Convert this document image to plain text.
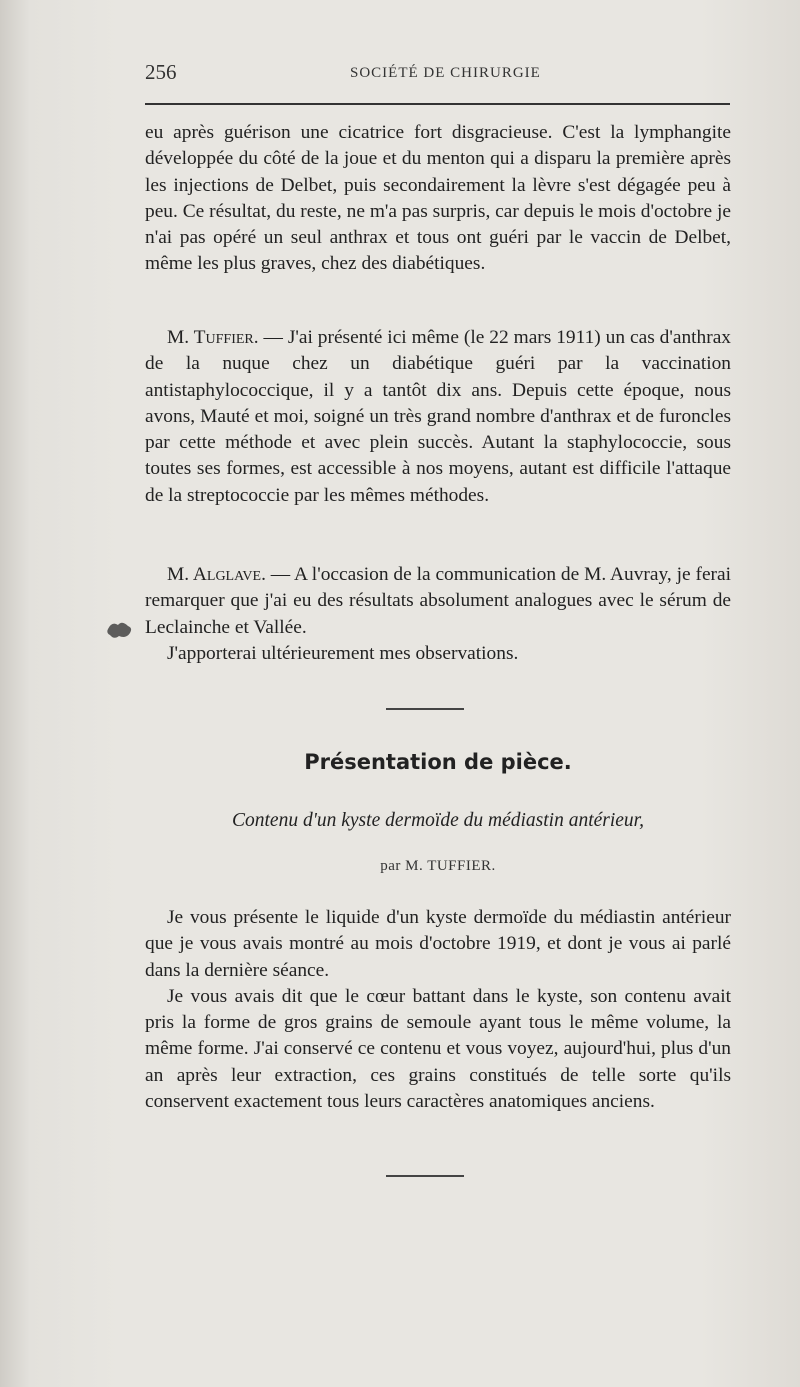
256	SOCIÉTÉ DE CHIRURGIE

eu après guérison une cicatrice fort disgracieuse. C'est la lymphangite développée du côté de la joue et du menton qui a disparu la première après les injections de Delbet, puis secondairement la lèvre s'est dégagée peu à peu. Ce résultat, du reste, ne m'a pas surpris, car depuis le mois d'octobre je n'ai pas opéré un seul anthrax et tous ont guéri par le vaccin de Delbet, même les plus graves, chez des diabétiques.

M. Tuffier. — J'ai présenté ici même (le 22 mars 1911) un cas d'anthrax de la nuque chez un diabétique guéri par la vaccination antistaphylococcique, il y a tantôt dix ans. Depuis cette époque, nous avons, Mauté et moi, soigné un très grand nombre d'anthrax et de furoncles par cette méthode et avec plein succès. Autant la staphylococcie, sous toutes ses formes, est accessible à nos moyens, autant est difficile l'attaque de la streptococcie par les mêmes méthodes.

M. Alglave. — A l'occasion de la communication de M. Auvray, je ferai remarquer que j'ai eu des résultats absolument analogues avec le sérum de Leclainche et Vallée.

J'apporterai ultérieurement mes observations.

Présentation de pièce.
Contenu d'un kyste dermoïde du médiastin antérieur,
par M. TUFFIER.

Je vous présente le liquide d'un kyste dermoïde du médiastin antérieur que je vous avais montré au mois d'octobre 1919, et dont je vous ai parlé dans la dernière séance.

Je vous avais dit que le cœur battant dans le kyste, son contenu avait pris la forme de gros grains de semoule ayant tous le même volume, la même forme. J'ai conservé ce contenu et vous voyez, aujourd'hui, plus d'un an après leur extraction, ces grains constitués de telle sorte qu'ils conservent exactement tous leurs caractères anatomiques anciens.
